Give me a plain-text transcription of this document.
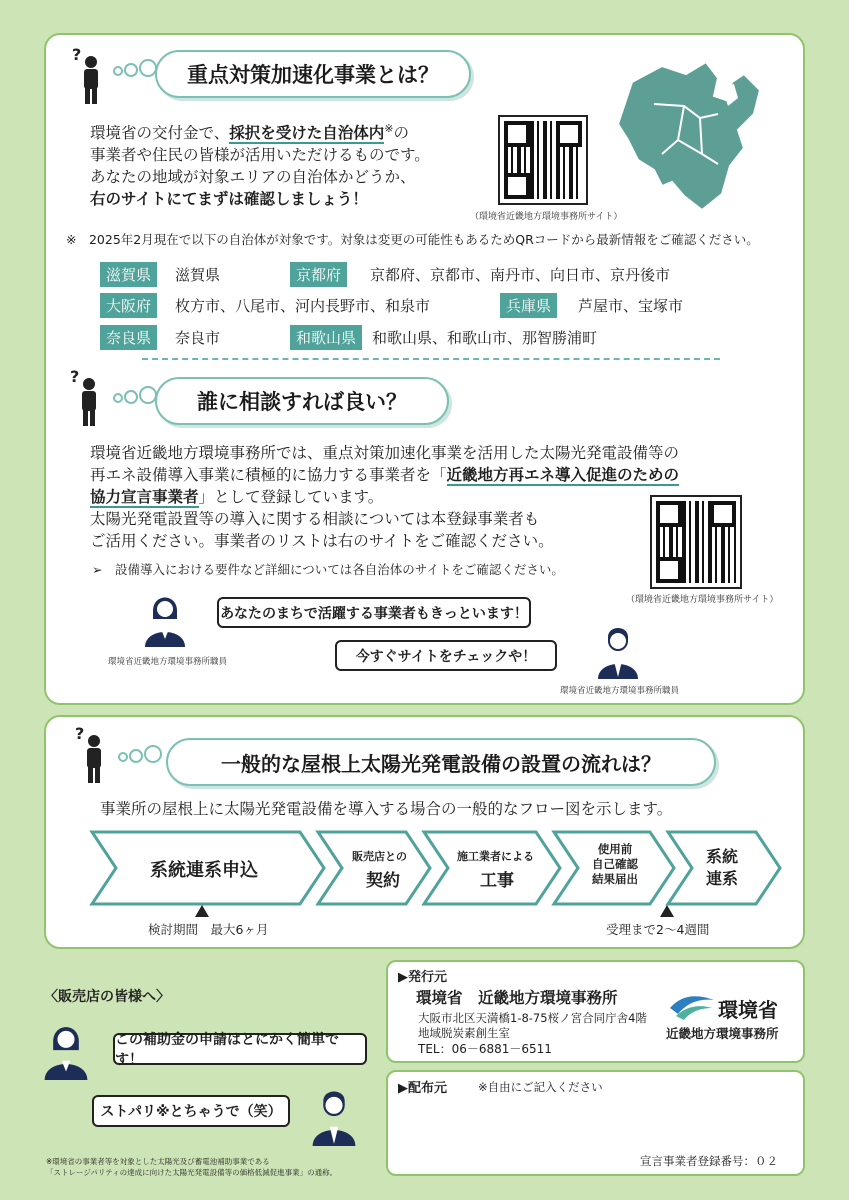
?
重点対策加速化事業とは？
環境省の交付金で、採択を受けた自治体内※の
事業者や住民の皆様が活用いただけるものです。
あなたの地域が対象エリアの自治体かどうか、
右のサイトにてまずは確認しましょう！
（環境省近畿地方環境事務所サイト）
※　2025年2月現在で以下の自治体が対象です。対象は変更の可能性もあるためQRコードから最新情報をご確認ください。
滋賀県	滋賀県	京都府	京都府、京都市、南丹市、向日市、京丹後市
大阪府	枚方市、八尾市、河内長野市、和泉市	兵庫県	芦屋市、宝塚市
奈良県	奈良市	和歌山県	和歌山県、和歌山市、那智勝浦町
?
誰に相談すれば良い？
環境省近畿地方環境事務所では、重点対策加速化事業を活用した太陽光発電設備等の
再エネ設備導入事業に積極的に協力する事業者を「近畿地方再エネ導入促進のための
協力宣言事業者」として登録しています。
太陽光発電設置等の導入に関する相談については本登録事業者も
ご活用ください。事業者のリストは右のサイトをご確認ください。
（環境省近畿地方環境事務所サイト）
➢　設備導入における要件など詳細については各自治体のサイトをご確認ください。
あなたのまちで活躍する事業者もきっといます！
環境省近畿地方環境事務所職員	今すぐサイトをチェックや！
環境省近畿地方環境事務所職員
?
一般的な屋根上太陽光発電設備の設置の流れは？
事業所の屋根上に太陽光発電設備を導入する場合の一般的なフロー図を示します。
系統連系申込
販売店との
契約
施工業者による
工事
使用前
自己確認
結果届出
系統
連系
検討期間　最大6ヶ月	受理まで2～4週間
〈販売店の皆様へ〉
この補助金の申請はとにかく簡単です！
ストパリ※とちゃうで（笑）
※環境省の事業者等を対象とした太陽光及び蓄電池補助事業である
「ストレージパリティの達成に向けた太陽光発電設備等の価格低減促進事業」の通称。
▶発行元
環境省　近畿地方環境事務所
大阪市北区天満橋1-8-75桜ノ宮合同庁舎4階
地域脱炭素創生室
TEL：06－6881－6511
環境省
近畿地方環境事務所
▶配布元	※自由にご記入ください
宣言事業者登録番号：０２
